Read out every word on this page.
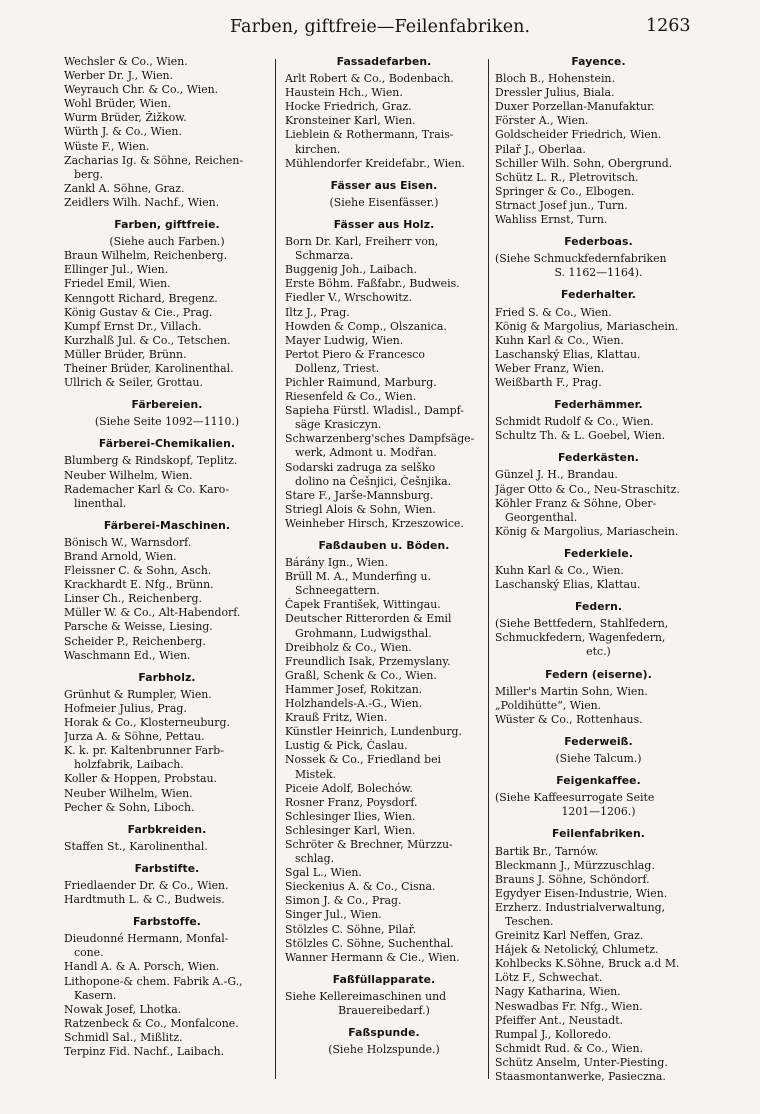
Farben, giftfreie—Feilenfabriken.	1263
Wechsler & Co., Wien.
Werber Dr. J., Wien.
Weyrauch Chr. & Co., Wien.
Wohl Brüder, Wien.
Wurm Brüder, Žižkow.
Würth J. & Co., Wien.
Wüste F., Wien.
Zacharias Ig. & Söhne, Reichen-
berg.
Zankl A. Söhne, Graz.
Zeidlers Wilh. Nachf., Wien.
Farben, giftfreie.
(Siehe auch Farben.)
Braun Wilhelm, Reichenberg.
Ellinger Jul., Wien.
Friedel Emil, Wien.
Kenngott Richard, Bregenz.
König Gustav & Cie., Prag.
Kumpf Ernst Dr., Villach.
Kurzhalß Jul. & Co., Tetschen.
Müller Brüder, Brünn.
Theiner Brüder, Karolinenthal.
Ullrich & Seiler, Grottau.
Färbereien.
(Siehe Seite 1092—1110.)
Färberei-Chemikalien.
Blumberg & Rindskopf, Teplitz.
Neuber Wilhelm, Wien.
Rademacher Karl & Co. Karo-
linenthal.
Färberei-Maschinen.
Bönisch W., Warnsdorf.
Brand Arnold, Wien.
Fleissner C. & Sohn, Asch.
Krackhardt E. Nfg., Brünn.
Linser Ch., Reichenberg.
Müller W. & Co., Alt-Habendorf.
Parsche & Weisse, Liesing.
Scheider P., Reichenberg.
Waschmann Ed., Wien.
Farbholz.
Grünhut & Rumpler, Wien.
Hofmeier Julius, Prag.
Horak & Co., Klosterneuburg.
Jurza A. & Söhne, Pettau.
K. k. pr. Kaltenbrunner Farb-
holzfabrik, Laibach.
Koller & Hoppen, Probstau.
Neuber Wilhelm, Wien.
Pecher & Sohn, Liboch.
Farbkreiden.
Staffen St., Karolinenthal.
Farbstifte.
Friedlaender Dr. & Co., Wien.
Hardtmuth L. & C., Budweis.
Farbstoffe.
Dieudonné Hermann, Monfal-
cone.
Handl A. & A. Porsch, Wien.
Lithopone-& chem. Fabrik A.-G.,
Kasern.
Nowak Josef, Lhotka.
Ratzenbeck & Co., Monfalcone.
Schmidl Sal., Mißlitz.
Terpinz Fid. Nachf., Laibach.
Fassadefarben.
Arlt Robert & Co., Bodenbach.
Haustein Hch., Wien.
Hocke Friedrich, Graz.
Kronsteiner Karl, Wien.
Lieblein & Rothermann, Trais-
kirchen.
Mühlendorfer Kreidefabr., Wien.
Fässer aus Eisen.
(Siehe Eisenfässer.)
Fässer aus Holz.
Born Dr. Karl, Freiherr von,
Schmarza.
Buggenig Joh., Laibach.
Erste Böhm. Faßfabr., Budweis.
Fiedler V., Wrschowitz.
Iltz J., Prag.
Howden & Comp., Olszanica.
Mayer Ludwig, Wien.
Pertot Piero & Francesco
Dollenz, Triest.
Pichler Raimund, Marburg.
Riesenfeld & Co., Wien.
Sapieha Fürstl. Wladisl., Dampf-
säge Krasiczyn.
Schwarzenberg'sches Dampfsäge-
werk, Admont u. Modřan.
Sodarski zadruga za selško
dolino na Češnjici, Češnjika.
Stare F., Jarše-Mannsburg.
Striegl Alois & Sohn, Wien.
Weinheber Hirsch, Krzeszowice.
Faßdauben u. Böden.
Bárány Ign., Wien.
Brüll M. A., Munderfing u.
Schneegattern.
Čapek František, Wittingau.
Deutscher Ritterorden & Emil
Grohmann, Ludwigsthal.
Dreibholz & Co., Wien.
Freundlich Isak, Przemyslany.
Graßl, Schenk & Co., Wien.
Hammer Josef, Rokitzan.
Holzhandels-A.-G., Wien.
Krauß Fritz, Wien.
Künstler Heinrich, Lundenburg.
Lustig & Pick, Časlau.
Nossek & Co., Friedland bei
Mistek.
Piceie Adolf, Bolechów.
Rosner Franz, Poysdorf.
Schlesinger Ilies, Wien.
Schlesinger Karl, Wien.
Schröter & Brechner, Mürzzu-
schlag.
Sgal L., Wien.
Sieckenius A. & Co., Cisna.
Simon J. & Co., Prag.
Singer Jul., Wien.
Stölzles C. Söhne, Pilař.
Stölzles C. Söhne, Suchenthal.
Wanner Hermann & Cie., Wien.
Faßfüllapparate.
Siehe Kellereimaschinen und
Brauereibedarf.)
Faßspunde.
(Siehe Holzspunde.)
Fayence.
Bloch B., Hohenstein.
Dressler Julius, Biala.
Duxer Porzellan-Manufaktur.
Förster A., Wien.
Goldscheider Friedrich, Wien.
Pilař J., Oberlaa.
Schiller Wilh. Sohn, Obergrund.
Schütz L. R., Pletrovitsch.
Springer & Co., Elbogen.
Strnact Josef jun., Turn.
Wahliss Ernst, Turn.
Federboas.
(Siehe Schmuckfedernfabriken
S. 1162—1164).
Federhalter.
Fried S. & Co., Wien.
König & Margolius, Mariaschein.
Kuhn Karl & Co., Wien.
Laschanský Elias, Klattau.
Weber Franz, Wien.
Weißbarth F., Prag.
Federhämmer.
Schmidt Rudolf & Co., Wien.
Schultz Th. & L. Goebel, Wien.
Federkästen.
Günzel J. H., Brandau.
Jäger Otto & Co., Neu-Straschitz.
Köhler Franz & Söhne, Ober-
Georgenthal.
König & Margolius, Mariaschein.
Federkiele.
Kuhn Karl & Co., Wien.
Laschanský Elias, Klattau.
Federn.
(Siehe Bettfedern, Stahlfedern,
Schmuckfedern, Wagenfedern,
etc.)
Federn (eiserne).
Miller's Martin Sohn, Wien.
„Poldihütte“, Wien.
Wüster & Co., Rottenhaus.
Federweiß.
(Siehe Talcum.)
Feigenkaffee.
(Siehe Kaffeesurrogate Seite
1201—1206.)
Feilenfabriken.
Bartik Br., Tarnów.
Bleckmann J., Mürzzuschlag.
Brauns J. Söhne, Schöndorf.
Egydyer Eisen-Industrie, Wien.
Erzherz. Industrialverwaltung,
Teschen.
Greinitz Karl Neffen, Graz.
Hájek & Netolický, Chlumetz.
Kohlbecks K.Söhne, Bruck a.d M.
Lötz F., Schwechat.
Nagy Katharina, Wien.
Neswadbas Fr. Nfg., Wien.
Pfeiffer Ant., Neustadt.
Rumpal J., Kolloredo.
Schmidt Rud. & Co., Wien.
Schütz Anselm, Unter-Piesting.
Staasmontanwerke, Pasieczna.
